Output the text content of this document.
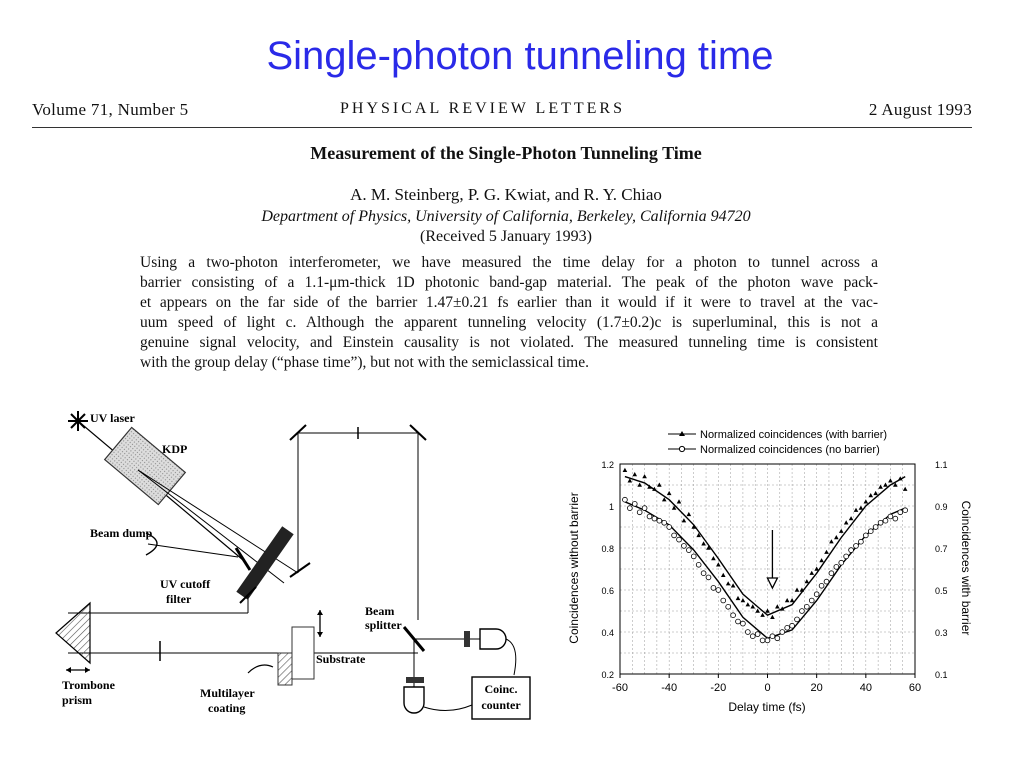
Single-photon tunneling time
Volume 71, Number 5	PHYSICAL REVIEW LETTERS	2 August 1993
Measurement of the Single-Photon Tunneling Time
A. M. Steinberg, P. G. Kwiat, and R. Y. Chiao
Department of Physics, University of California, Berkeley, California 94720
(Received 5 January 1993)
Using a two-photon interferometer, we have measured the time delay for a photon to tunnel across a
barrier consisting of a 1.1-μm-thick 1D photonic band-gap material. The peak of the photon wave pack-
et appears on the far side of the barrier 1.47±0.21 fs earlier than it would if it were to travel at the vac-
uum speed of light c. Although the apparent tunneling velocity (1.7±0.2)c is superluminal, this is not a
genuine signal velocity, and Einstein causality is not violated. The measured tunneling time is consistent
with the group delay (“phase time”), but not with the semiclassical time.
UV laser
KDP
Beam dump
UV cutoff
filter
Trombone
prism
Substrate
Multilayer
coating
Beam
splitter
Coinc.
counter
Normalized coincidences (with barrier)
Normalized coincidences (no barrier)
-60	-40	-20	0	20	40	60
0.2
0.4
0.6
0.8
1
1.2
0.1
0.3
0.5
0.7
0.9
1.1
Delay time (fs)
Coincidences without barrier	Coincidences with barrier
